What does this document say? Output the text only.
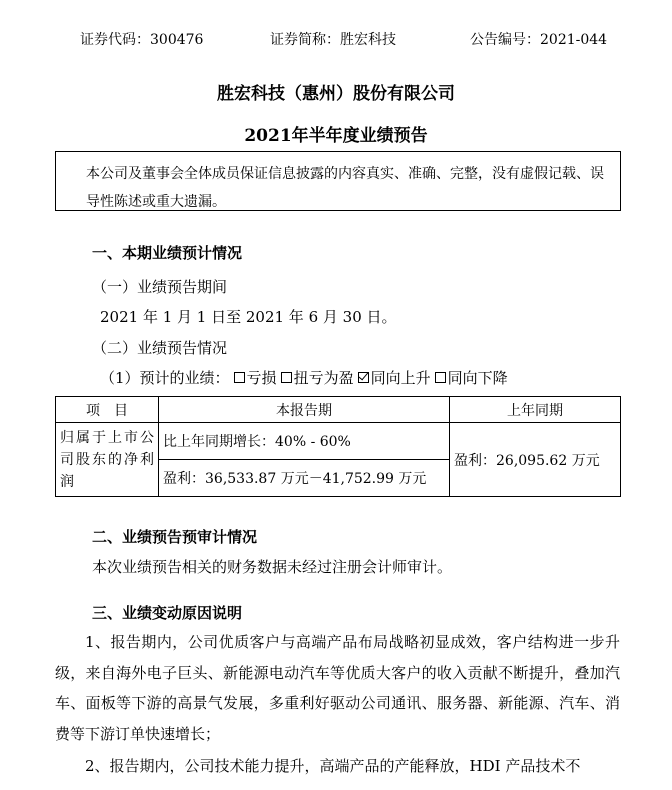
证券代码：300476	证券简称：胜宏科技	公告编号：2021-044
胜宏科技（惠州）股份有限公司
2021年半年度业绩预告
本公司及董事会全体成员保证信息披露的内容真实、准确、完整，没有虚假记载、误导性陈述或重大遗漏。
一、本期业绩预计情况
（一）业绩预告期间
2021 年 1 月 1 日至 2021 年 6 月 30 日。
（二）业绩预告情况
（1）预计的业绩： 亏损 扭亏为盈 同向上升 同向下降
项　目	本报告期	上年同期
归属于上市公司股东的净利润	比上年同期增长：40% - 60%	盈利：26,095.62 万元
	盈利：36,533.87 万元－41,752.99 万元	
二、业绩预告预审计情况
本次业绩预告相关的财务数据未经过注册会计师审计。
三、业绩变动原因说明
1、报告期内，公司优质客户与高端产品布局战略初显成效，客户结构进一步升级，来自海外电子巨头、新能源电动汽车等优质大客户的收入贡献不断提升，叠加汽车、面板等下游的高景气发展，多重利好驱动公司通讯、服务器、新能源、汽车、消费等下游订单快速增长；
2、报告期内，公司技术能力提升，高端产品的产能释放，HDI 产品技术不
